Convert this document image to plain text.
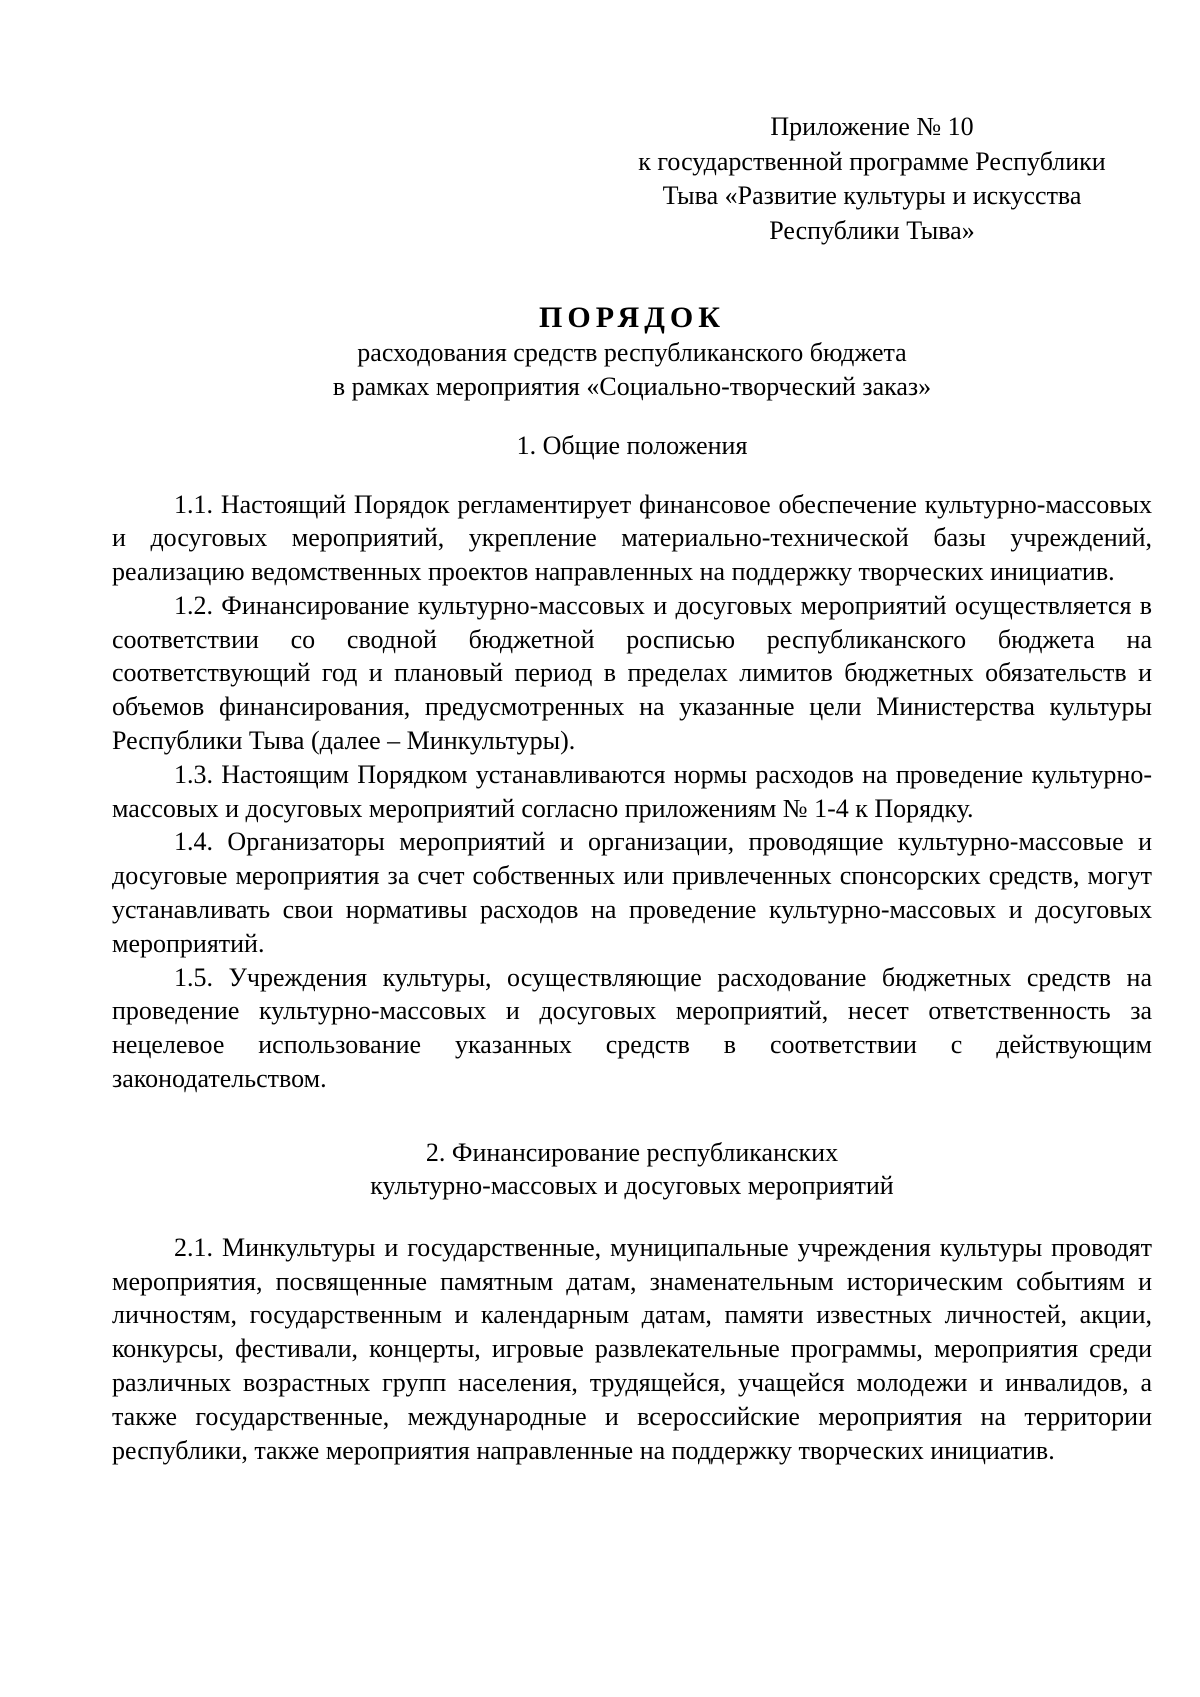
Приложение № 10
к государственной программе Республики
Тыва «Развитие культуры и искусства
Республики Тыва»
ПОРЯДОК
расходования средств республиканского бюджета
в рамках мероприятия «Социально-творческий заказ»
1. Общие положения

1.1. Настоящий Порядок регламентирует финансовое обеспечение культурно-массовых и досуговых мероприятий, укрепление материально-технической базы учреждений, реализацию ведомственных проектов направленных на поддержку творческих инициатив.

1.2. Финансирование культурно-массовых и досуговых мероприятий осуществляется в соответствии со сводной бюджетной росписью республиканского бюджета на соответствующий год и плановый период в пределах лимитов бюджетных обязательств и объемов финансирования, предусмотренных на указанные цели Министерства культуры Республики Тыва (далее – Минкультуры).

1.3. Настоящим Порядком устанавливаются нормы расходов на проведение культурно-массовых и досуговых мероприятий согласно приложениям № 1-4 к Порядку.

1.4. Организаторы мероприятий и организации, проводящие культурно-массовые и досуговые мероприятия за счет собственных или привлеченных спонсорских средств, могут устанавливать свои нормативы расходов на проведение культурно-массовых и досуговых мероприятий.

1.5. Учреждения культуры, осуществляющие расходование бюджетных средств на проведение культурно-массовых и досуговых мероприятий, несет ответственность за нецелевое использование указанных средств в соответствии с действующим законодательством.

2. Финансирование республиканских
культурно-массовых и досуговых мероприятий

2.1. Минкультуры и государственные, муниципальные учреждения культуры проводят мероприятия, посвященные памятным датам, знаменательным историческим событиям и личностям, государственным и календарным датам, памяти известных личностей, акции, конкурсы, фестивали, концерты, игровые развлекательные программы, мероприятия среди различных возрастных групп населения, трудящейся, учащейся молодежи и инвалидов, а также государственные, международные и всероссийские мероприятия на территории республики, также мероприятия направленные на поддержку творческих инициатив.
